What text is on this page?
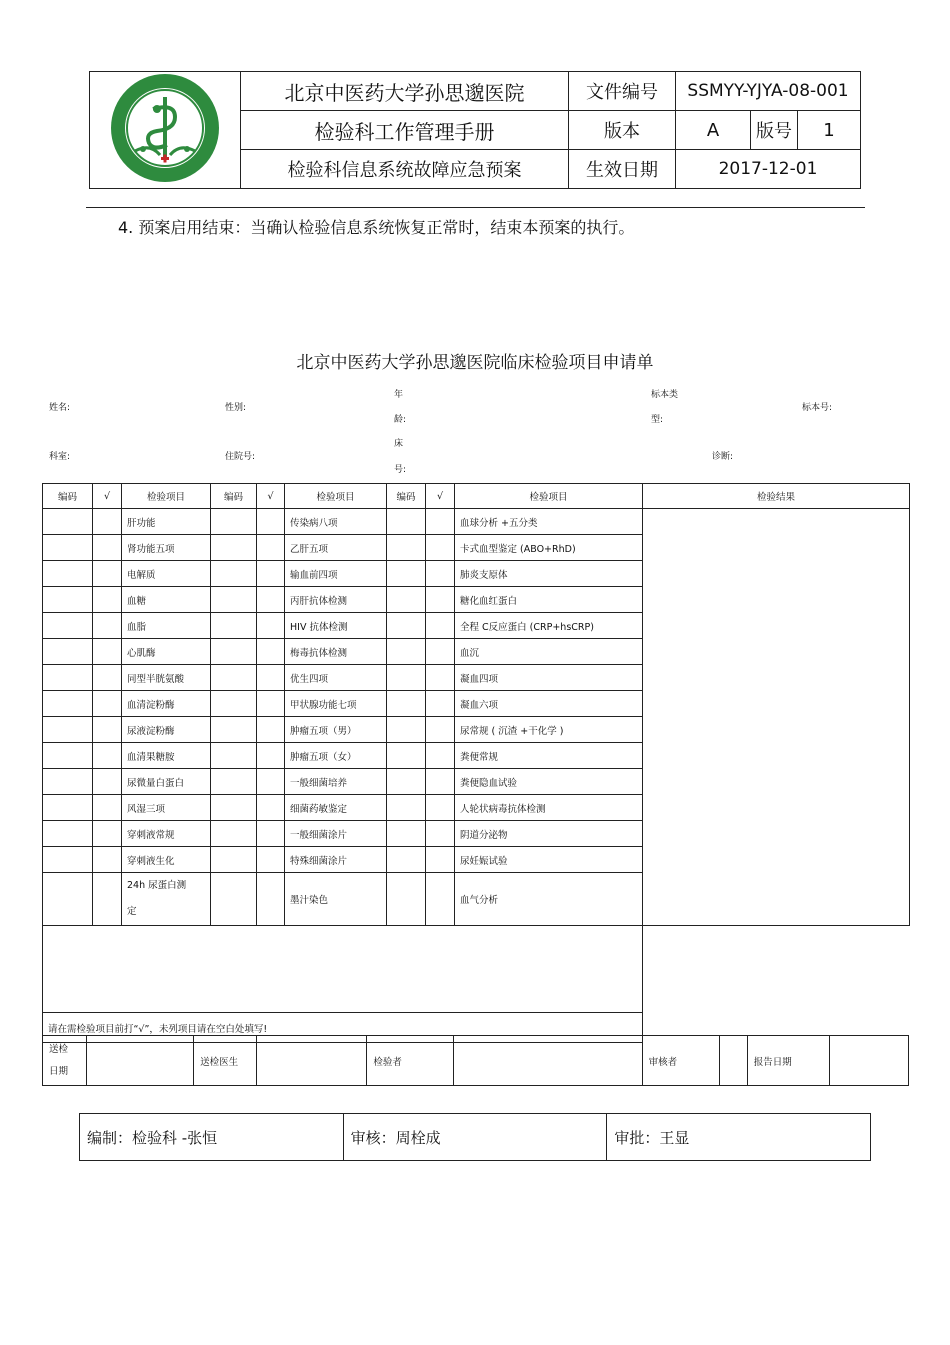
	北京中医药大学孙思邈医院	文件编号	SSMYY-YJYA-08-001		
	检验科工作管理手册	版本	A	版号	1
	检验科信息系统故障应急预案	生效日期	2017-12-01		
4. 预案启用结束：当确认检验信息系统恢复正常时，结束本预案的执行。
北京中医药大学孙思邈医院临床检验项目申请单
姓名:	性别:
年
龄:
标本类
型:
标本号:
科室:	住院号:
床
号:
诊断:
编码	√	检验项目	编码	√	检验项目	编码	√	检验项目	检验结果
		肝功能			传染病八项			血球分析 +五分类	
		肾功能五项			乙肝五项			卡式血型鉴定 (ABO+RhD)	
		电解质			输血前四项			肺炎支原体	
		血糖			丙肝抗体检测			糖化血红蛋白	
		血脂			HIV 抗体检测			全程 C反应蛋白 (CRP+hsCRP)	
		心肌酶			梅毒抗体检测			血沉	
		同型半胱氨酸			优生四项			凝血四项	
		血清淀粉酶			甲状腺功能七项			凝血六项	
		尿液淀粉酶			肿瘤五项（男）			尿常规 ( 沉渣 +干化学 )	
		血清果糖胺			肿瘤五项（女）			粪便常规	
		尿微量白蛋白			一般细菌培养			粪便隐血试验	
		风湿三项			细菌药敏鉴定			人轮状病毒抗体检测	
		穿刺液常规			一般细菌涂片			阴道分泌物	
		穿刺液生化			特殊细菌涂片			尿妊娠试验	
		24h 尿蛋白测
定			墨汁染色			血气分析	

请在需检验项目前打“√”，未列项目请在空白处填写!									
送检
日期		送检医生		检验者		审核者		报告日期	
编制：检验科 -张恒	审核：周栓成	审批：王显
